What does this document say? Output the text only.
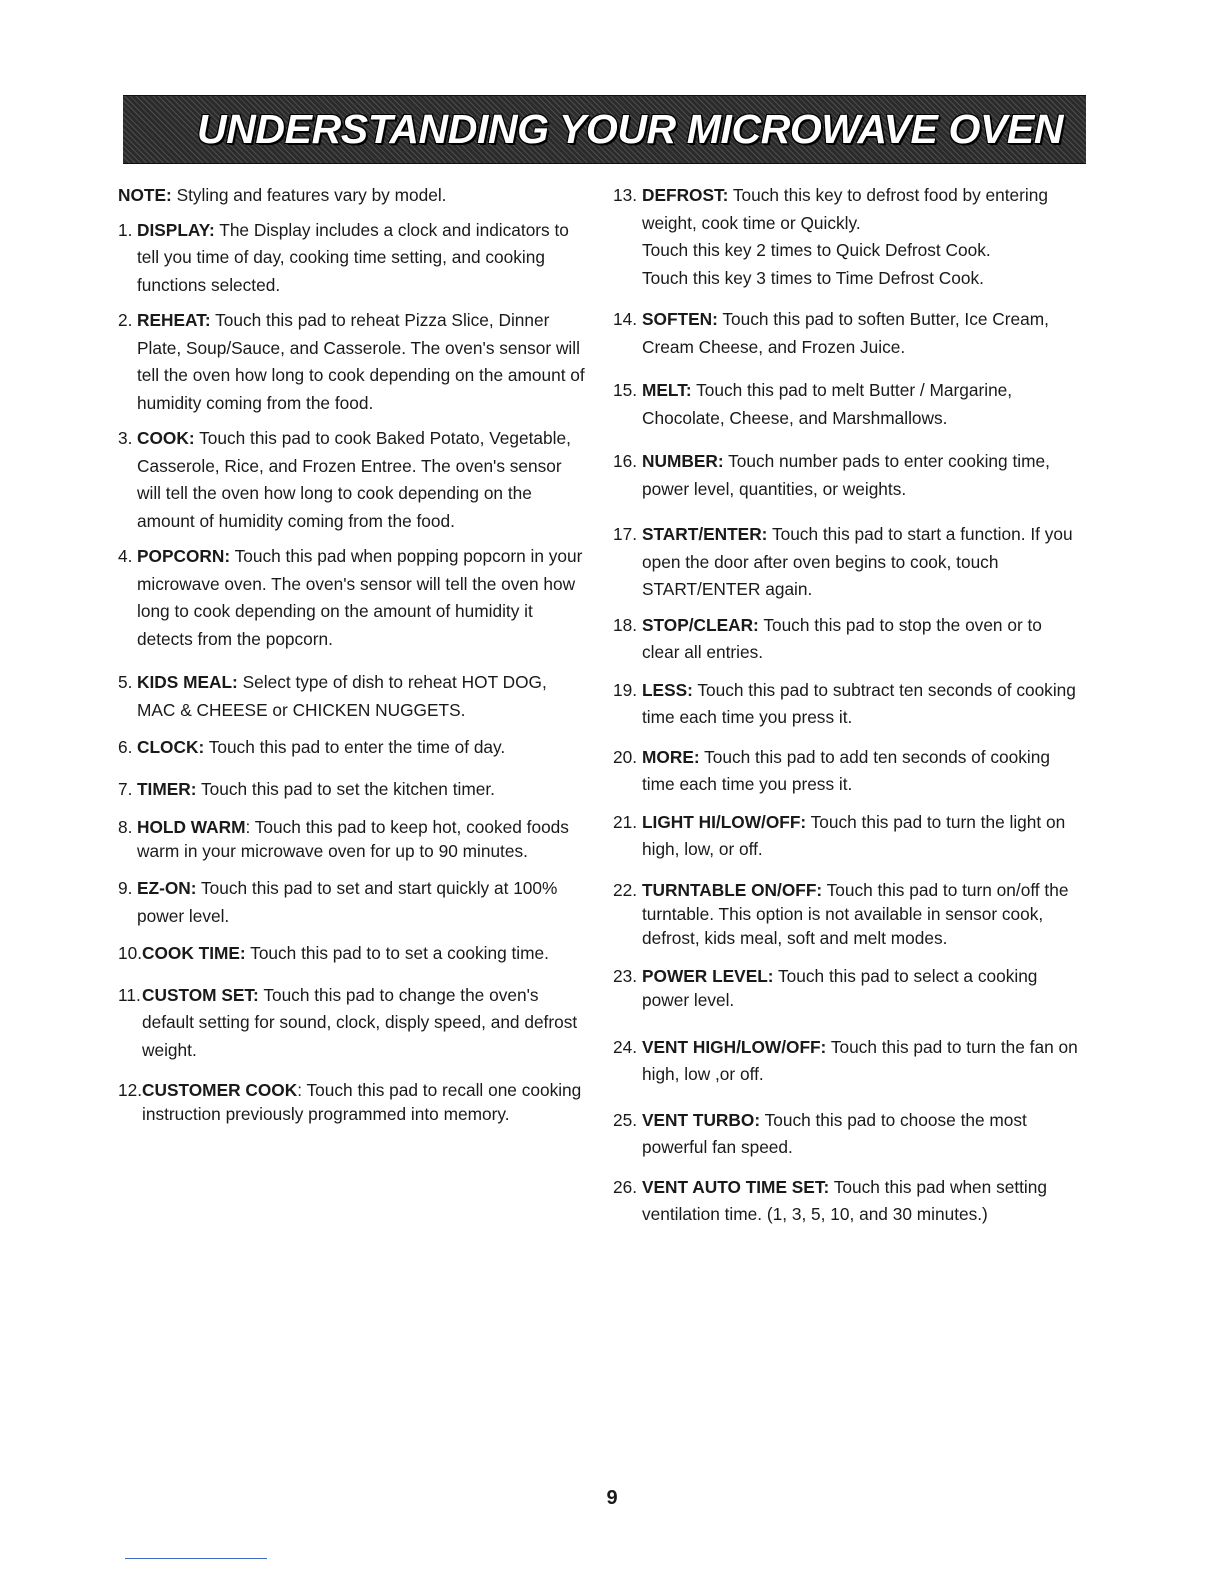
UNDERSTANDING YOUR MICROWAVE OVEN

NOTE: Styling and features vary by model.

1. DISPLAY: The Display includes a clock and indicators to tell you time of day, cooking time setting, and cooking functions selected.
2. REHEAT: Touch this pad to reheat Pizza Slice, Dinner Plate, Soup/Sauce, and Casserole. The oven's sensor will tell the oven how long to cook depending on the amount of humidity coming from the food.
3. COOK: Touch this pad to cook Baked Potato, Vegetable, Casserole, Rice, and Frozen Entree. The oven's sensor will tell the oven how long to cook depending on the amount of humidity coming from the food.
4. POPCORN: Touch this pad when popping popcorn in your microwave oven. The oven's sensor will tell the oven how long to cook depending on the amount of humidity it detects from the popcorn.
5. KIDS MEAL: Select type of dish to reheat HOT DOG, MAC & CHEESE or CHICKEN NUGGETS.
6. CLOCK: Touch this pad to enter the time of day.
7. TIMER: Touch this pad to set the kitchen timer.
8. HOLD WARM: Touch this pad to keep hot, cooked foods warm in your microwave oven for up to 90 minutes.
9. EZ-ON: Touch this pad to set and start quickly at 100% power level.
10. COOK TIME: Touch this pad to to set a cooking time.
11. CUSTOM SET: Touch this pad to change the oven's default setting for sound, clock, disply speed, and defrost weight.
12. CUSTOMER COOK: Touch this pad to recall one cooking instruction previously programmed into memory.
13. DEFROST: Touch this key to defrost food by entering weight, cook time or Quickly.
Touch this key 2 times to Quick Defrost Cook.
Touch this key 3 times to Time Defrost Cook.
14. SOFTEN: Touch this pad to soften Butter, Ice Cream, Cream Cheese, and Frozen Juice.
15. MELT: Touch this pad to melt Butter / Margarine, Chocolate, Cheese, and Marshmallows.
16. NUMBER: Touch number pads to enter cooking time, power level, quantities, or weights.
17. START/ENTER: Touch this pad to start a function. If you open the door after oven begins to cook, touch START/ENTER again.
18. STOP/CLEAR: Touch this pad to stop the oven or to clear all entries.
19. LESS: Touch this pad to subtract ten seconds of cooking time each time you press it.
20. MORE: Touch this pad to add ten seconds of cooking time each time you press it.
21. LIGHT HI/LOW/OFF: Touch this pad to turn the light on high, low, or off.
22. TURNTABLE ON/OFF: Touch this pad to turn on/off the turntable. This option is not available in sensor cook, defrost, kids meal, soft and melt modes.
23. POWER LEVEL: Touch this pad to select a cooking power level.
24. VENT HIGH/LOW/OFF: Touch this pad to turn the fan on high, low ,or off.
25. VENT TURBO: Touch this pad to choose the most powerful fan speed.
26. VENT AUTO TIME SET: Touch this pad when setting ventilation time. (1, 3, 5, 10, and 30 minutes.)
9
